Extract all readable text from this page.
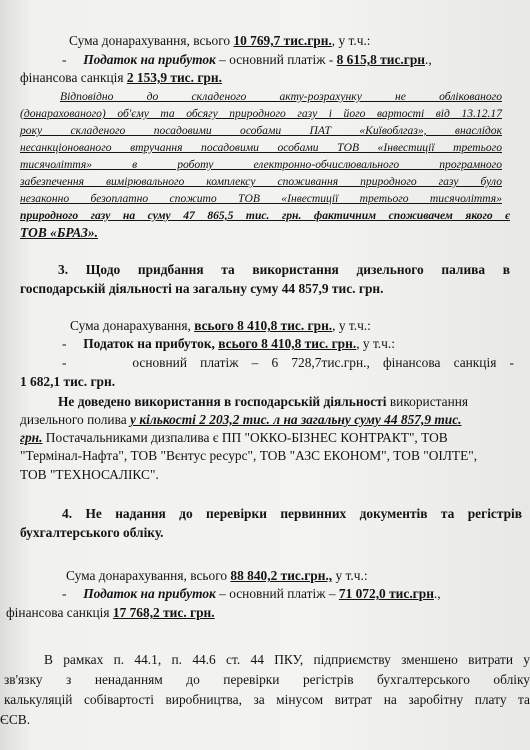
Сума донарахування, всього 10 769,7 тис.грн., у т.ч.:
- Податок на прибуток – основний платіж - 8 615,8 тис.грн.,
фінансова санкція 2 153,9 тис. грн.
Відповідно до складеного акту-розрахунку не облікованого
(донарахованого) об'єму та обсягу природного газу і його вартості від 13.12.17
року складеного посадовими особами ПАТ «Київоблгаз», внаслідок
несанкціонованого втручання посадовими особами ТОВ «Інвестиції третього
тисячоліття» в роботу електронно-обчислювального програмного
забезпечення вимірювального комплексу споживання природного газу було
незаконно безоплатно спожито ТОВ «Інвестиції третього тисячоліття»
природного газу на суму 47 865,5 тис. грн. фактичним споживачем якого є
ТОВ «БРАЗ».
3. Щодо придбання та використання дизельного палива в
господарській діяльності на загальну суму 44 857,9 тис. грн.
Сума донарахування, всього 8 410,8 тис. грн., у т.ч.:
- Податок на прибуток, всього 8 410,8 тис. грн., у т.ч.:
-	основний платіж – 6 728,7тис.грн., фінансова санкція -
1 682,1 тис. грн.
Не доведено використання в господарській діяльності використання
дизельного полива у кількості 2 203,2 тис. л на загальну суму 44 857,9 тис.
грн. Постачальниками дизпалива є ПП "ОККО-БІЗНЕС КОНТРАКТ", ТОВ
"Термінал-Нафта", ТОВ "Вєнтус ресурс", ТОВ "АЗС ЕКОНОМ", ТОВ "ОІЛТЕ",
ТОВ "ТЕХНОСАЛІКС".
4. Не надання до перевірки первинних документів та регістрів
бухгалтерського обліку.
Сума донарахування, всього 88 840,2 тис.грн., у т.ч.:
- Податок на прибуток – основний платіж – 71 072,0 тис.грн.,
фінансова санкція 17 768,2 тис. грн.
В рамках п. 44.1, п. 44.6 ст. 44 ПКУ, підприємству зменшено витрати у
зв'язку з ненаданням до перевірки регістрів бухгалтерського обліку
калькуляцій собівартості виробництва, за мінусом витрат на заробітну плату та
ЄСВ.
